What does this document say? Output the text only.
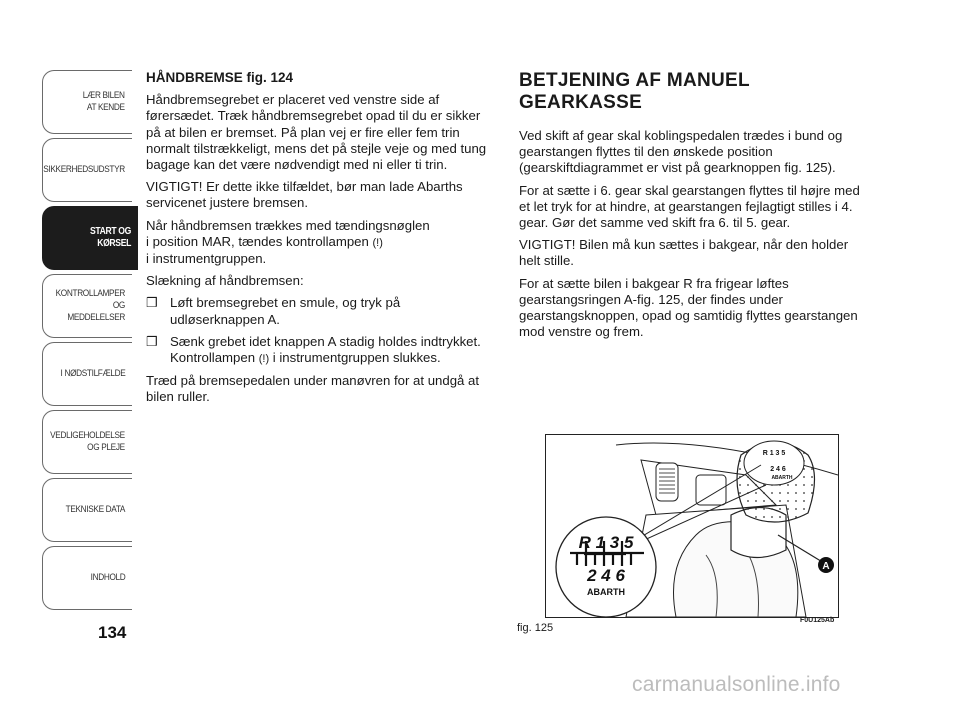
LÆR BILEN
AT KENDE
SIKKERHEDSUDSTYR
START OG KØRSEL
KONTROLLAMPER
OG MEDDELELSER
I NØDSTILFÆLDE
VEDLIGEHOLDELSE
OG PLEJE
TEKNISKE DATA
INDHOLD
134
HÅNDBREMSE fig. 124

Håndbremsegrebet er placeret ved venstre side af førersædet. Træk håndbremsegrebet opad til du er sikker på at bilen er bremset. På plan vej er fire eller fem trin normalt tilstrækkeligt, mens det på stejle veje og med tung bagage kan det være nødvendigt med ni eller ti trin.

VIGTIGT! Er dette ikke tilfældet, bør man lade Abarths servicenet justere bremsen.

Når håndbremsen trækkes med tændingsnøglen
i position MAR, tændes kontrollampen (!)
i instrumentgruppen.

Slækning af håndbremsen:

❒ Løft bremsegrebet en smule, og tryk på udløserknappen A.
❒ Sænk grebet idet knappen A stadig holdes indtrykket. Kontrollampen (!) i instrumentgruppen slukkes.

Træd på bremsepedalen under manøvren for at undgå at bilen ruller.

BETJENING AF MANUEL GEARKASSE

Ved skift af gear skal koblingspedalen trædes i bund og gearstangen flyttes til den ønskede position (gearskiftdiagrammet er vist på gearknoppen fig. 125).

For at sætte i 6. gear skal gearstangen flyttes til højre med et let tryk for at hindre, at gearstangen fejlagtigt stilles i 4. gear. Gør det samme ved skift fra 6. til 5. gear.

VIGTIGT! Bilen må kun sættes i bakgear, når den holder helt stille.

For at sætte bilen i bakgear R fra frigear løftes gearstangsringen A-fig. 125, der findes under gearstangsknoppen, opad og samtidig flyttes gearstangen mod venstre og frem.

R 1 3 5
2 4 6
ABARTH
R 1 3 5
2 4 6
ABARTH
A
fig. 125
F0U125Ab
carmanualsonline.info
